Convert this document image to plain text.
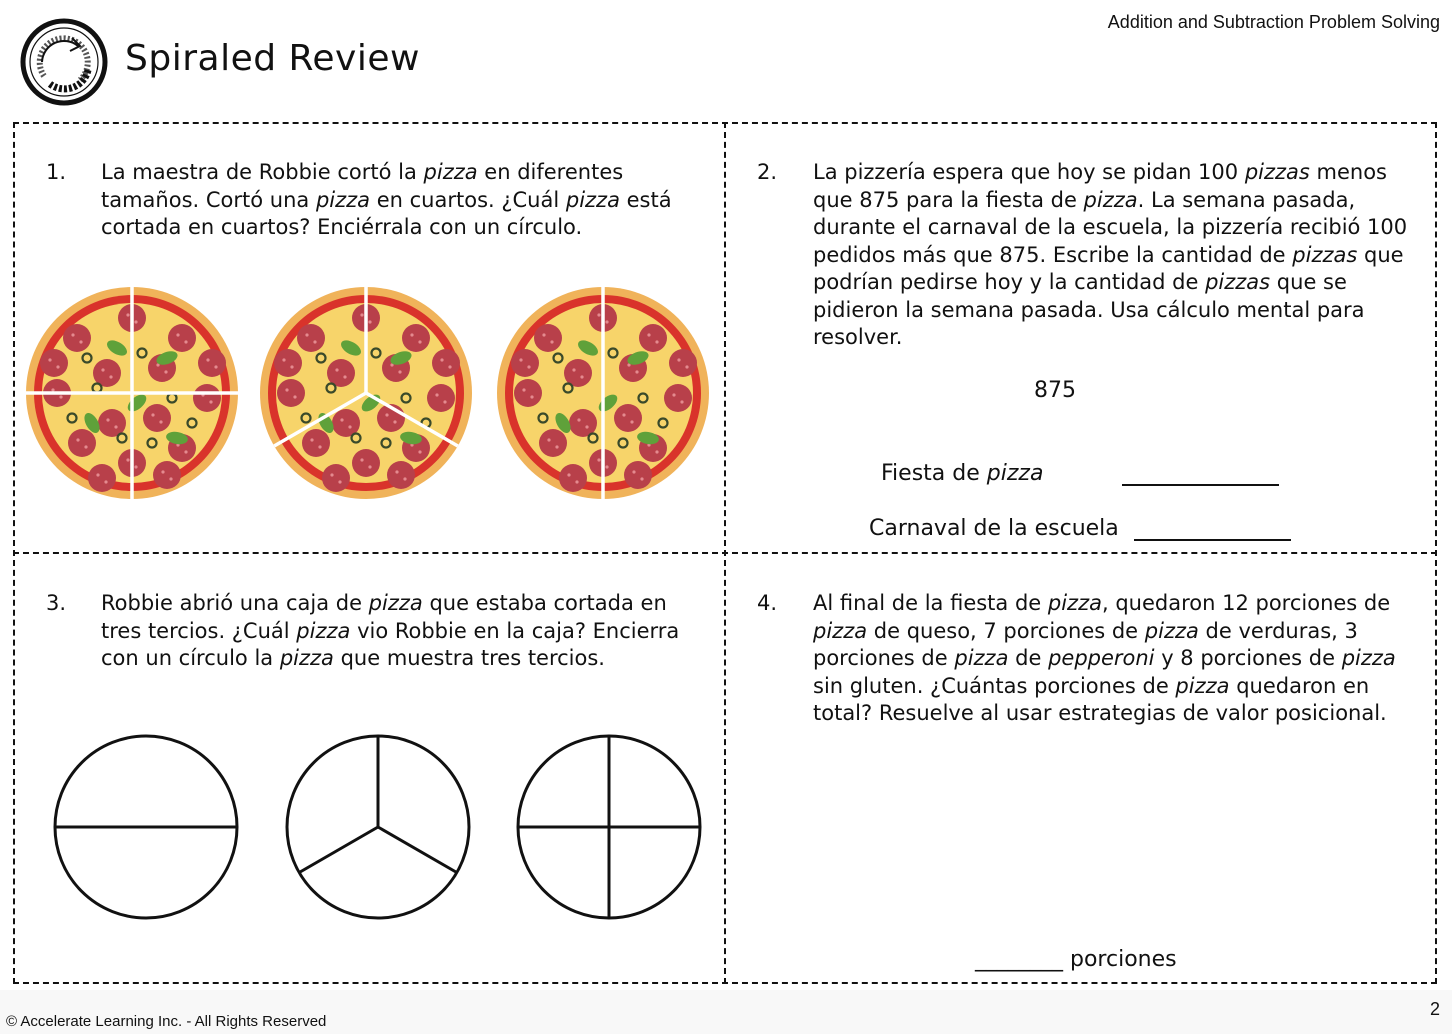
Addition and Subtraction Problem Solving
Spiraled Review
1. La maestra de Robbie cortó la pizza en diferentes
tamaños. Cortó una pizza en cuartos. ¿Cuál pizza está
cortada en cuartos? Enciérrala con un círculo.
2. La pizzería espera que hoy se pidan 100 pizzas menos
que 875 para la fiesta de pizza. La semana pasada,
durante el carnaval de la escuela, la pizzería recibió 100
pedidos más que 875. Escribe la cantidad de pizzas que
podrían pedirse hoy y la cantidad de pizzas que se
pidieron la semana pasada. Usa cálculo mental para
resolver.
875
Fiesta de pizza
Carnaval de la escuela
3. Robbie abrió una caja de pizza que estaba cortada en
tres tercios. ¿Cuál pizza vio Robbie en la caja? Encierra
con un círculo la pizza que muestra tres tercios.
4. Al final de la fiesta de pizza, quedaron 12 porciones de
pizza de queso, 7 porciones de pizza de verduras, 3
porciones de pizza de pepperoni y 8 porciones de pizza
sin gluten. ¿Cuántas porciones de pizza quedaron en
total? Resuelve al usar estrategias de valor posicional.
________ porciones
© Accelerate Learning Inc. - All Rights Reserved
2
